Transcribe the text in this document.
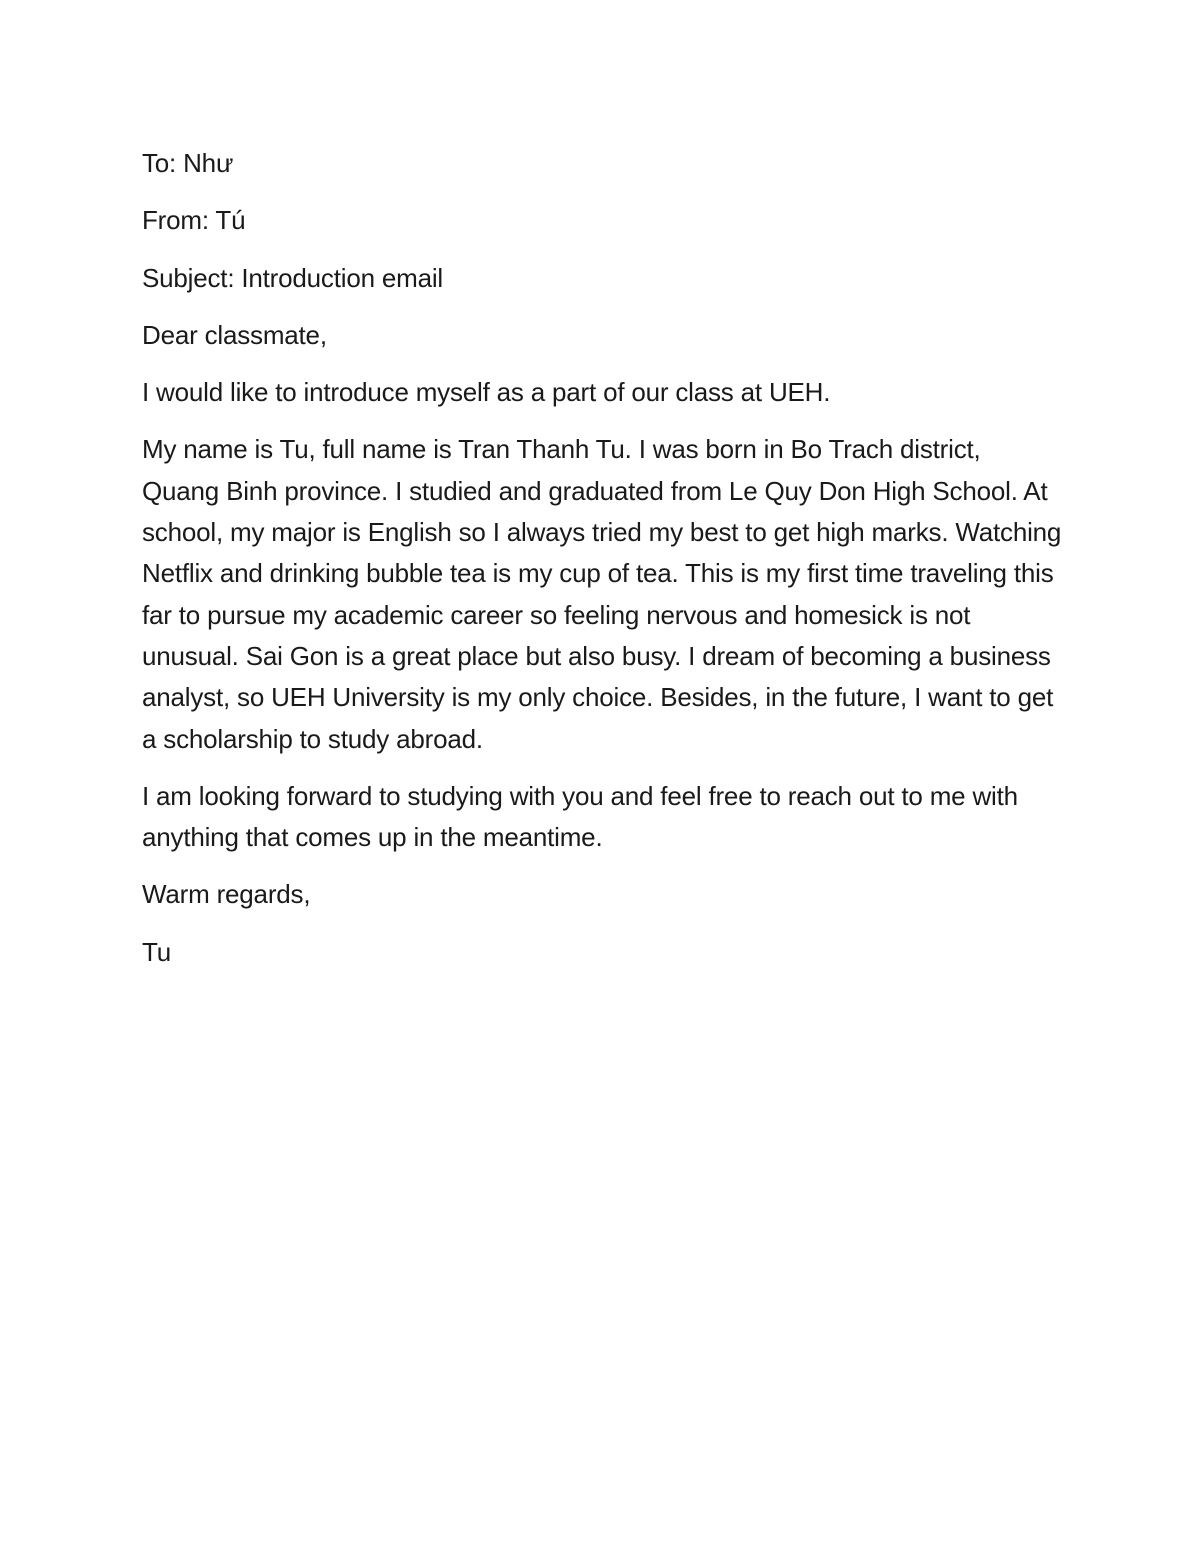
To: Như

From: Tú

Subject: Introduction email

Dear classmate,

I would like to introduce myself as a part of our class at UEH.

My name is Tu, full name is Tran Thanh Tu. I was born in Bo Trach district, Quang Binh province. I studied and graduated from Le Quy Don High School. At school, my major is English so I always tried my best to get high marks. Watching Netflix and drinking bubble tea is my cup of tea. This is my first time traveling this far to pursue my academic career so feeling nervous and homesick is not unusual. Sai Gon is a great place but also busy. I dream of becoming a business analyst, so UEH University is my only choice. Besides, in the future, I want to get a scholarship to study abroad.

I am looking forward to studying with you and feel free to reach out to me with anything that comes up in the meantime.

Warm regards,

Tu
